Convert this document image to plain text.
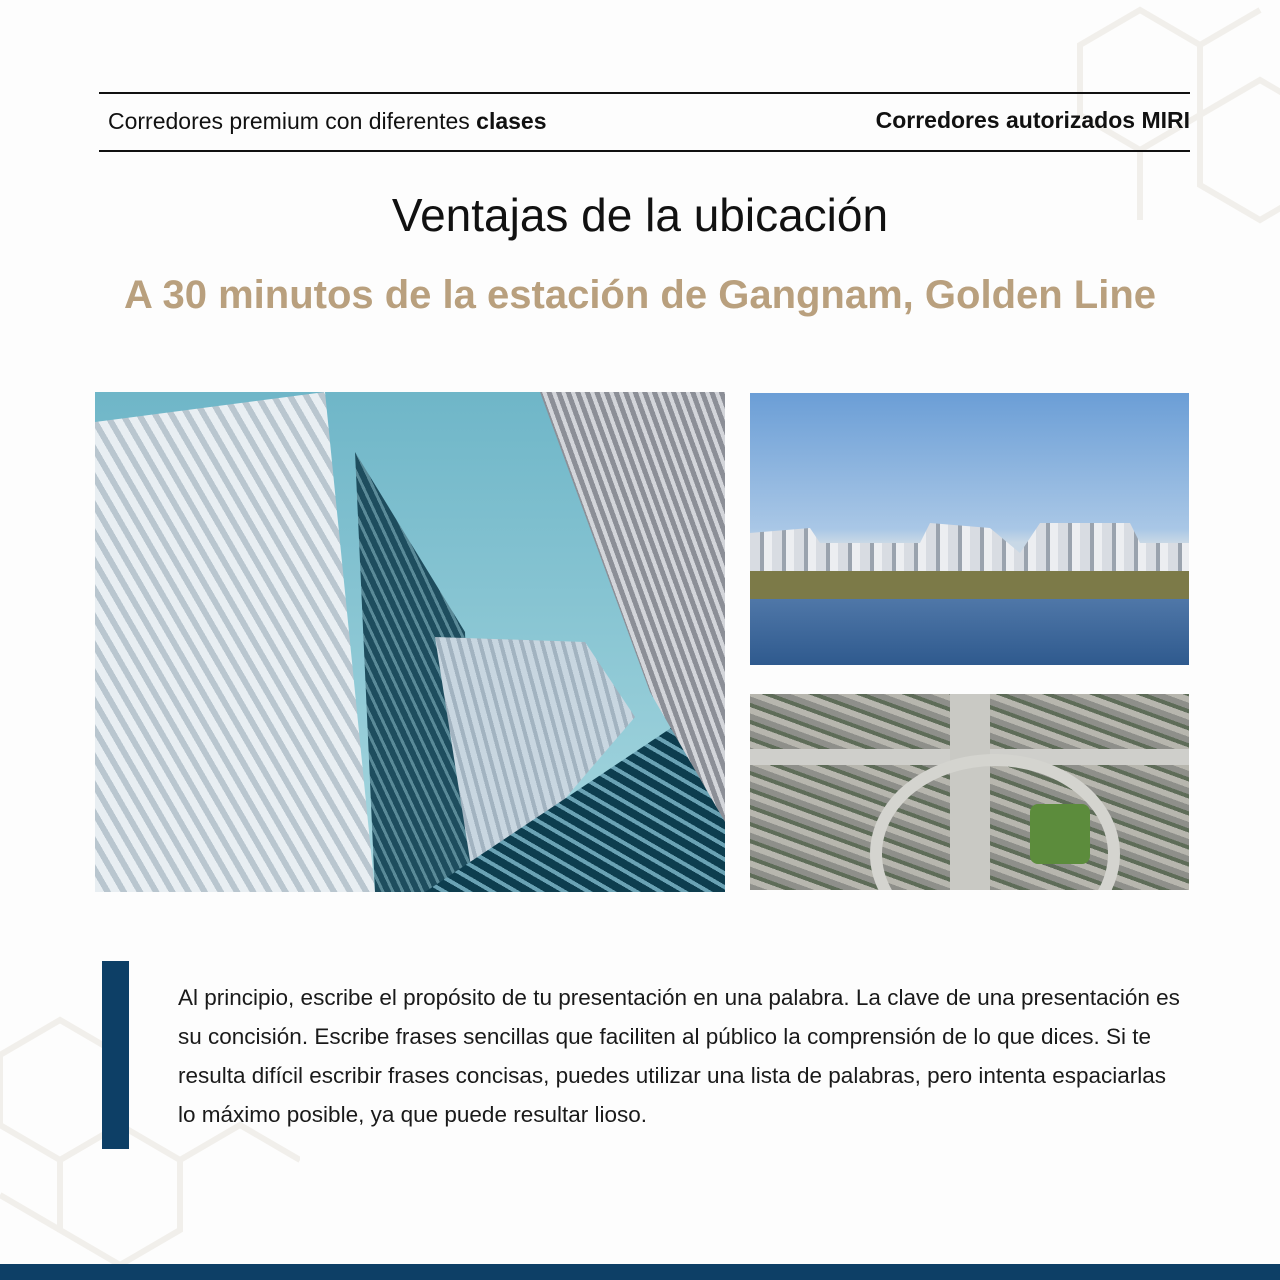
Corredores premium con diferentes clases	Corredores autorizados MIRI
Ventajas de la ubicación
A 30 minutos de la estación de Gangnam, Golden Line

Al principio, escribe el propósito de tu presentación en una palabra. La clave de una presentación es su concisión. Escribe frases sencillas que faciliten al público la comprensión de lo que dices. Si te resulta difícil escribir frases concisas, puedes utilizar una lista de palabras, pero intenta espaciarlas lo máximo posible, ya que puede resultar lioso.
